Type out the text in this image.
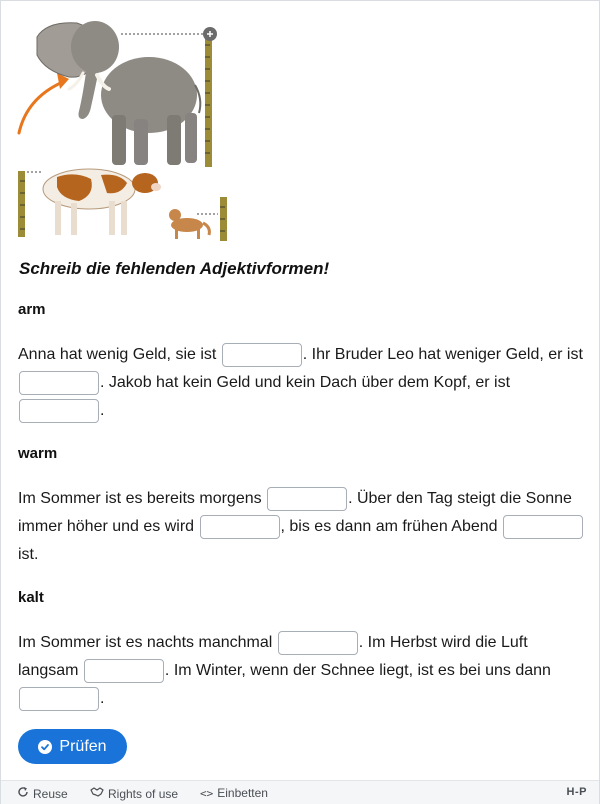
Schreib die fehlenden Adjektivformen!
arm
Anna hat wenig Geld, sie ist	. Ihr Bruder Leo hat weniger Geld, er ist . Jakob hat kein Geld und kein Dach über dem Kopf, er ist .
warm
Im Sommer ist es bereits morgens	. Über den Tag steigt die Sonne immer höher und es wird	, bis es dann am frühen Abend  ist.
kalt
Im Sommer ist es nachts manchmal	. Im Herbst wird die Luft langsam	. Im Winter, wenn der Schnee liegt, ist es bei uns dann .
Prüfen
Reuse	Rights of use <> Einbetten	H-P
